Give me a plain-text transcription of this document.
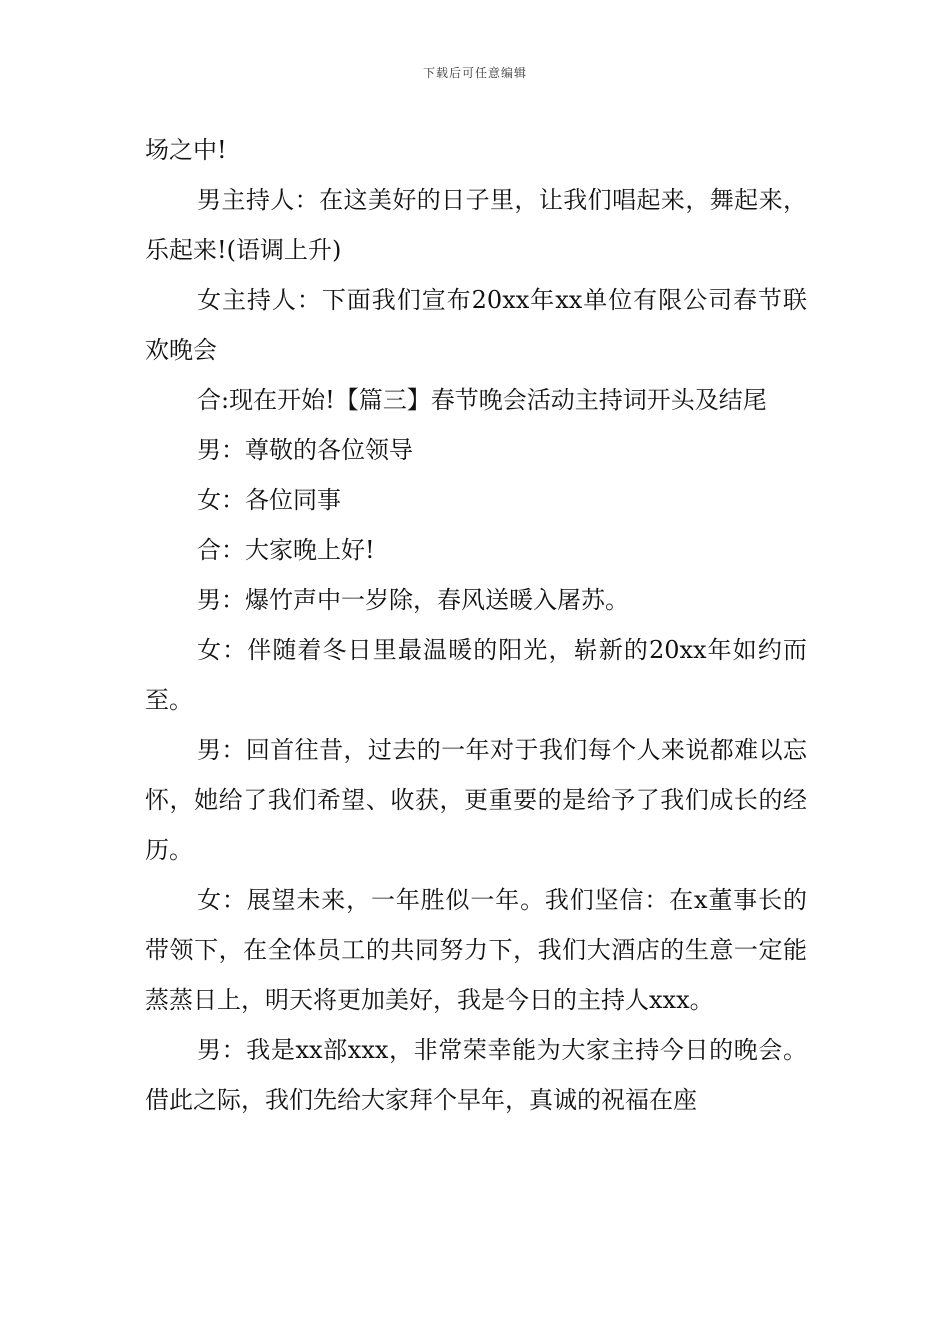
下载后可任意编辑

场之中!

男主持人：在这美好的日子里，让我们唱起来，舞起来，乐起来!(语调上升)

女主持人：下面我们宣布20xx年xx单位有限公司春节联欢晚会

合:现在开始!【篇三】春节晚会活动主持词开头及结尾

男：尊敬的各位领导

女：各位同事

合：大家晚上好!

男：爆竹声中一岁除，春风送暖入屠苏。

女：伴随着冬日里最温暖的阳光，崭新的20xx年如约而至。

男：回首往昔，过去的一年对于我们每个人来说都难以忘怀，她给了我们希望、收获，更重要的是给予了我们成长的经历。

女：展望未来，一年胜似一年。我们坚信：在x董事长的带领下，在全体员工的共同努力下，我们大酒店的生意一定能蒸蒸日上，明天将更加美好，我是今日的主持人xxx。

男：我是xx部xxx，非常荣幸能为大家主持今日的晚会。借此之际，我们先给大家拜个早年，真诚的祝福在座
